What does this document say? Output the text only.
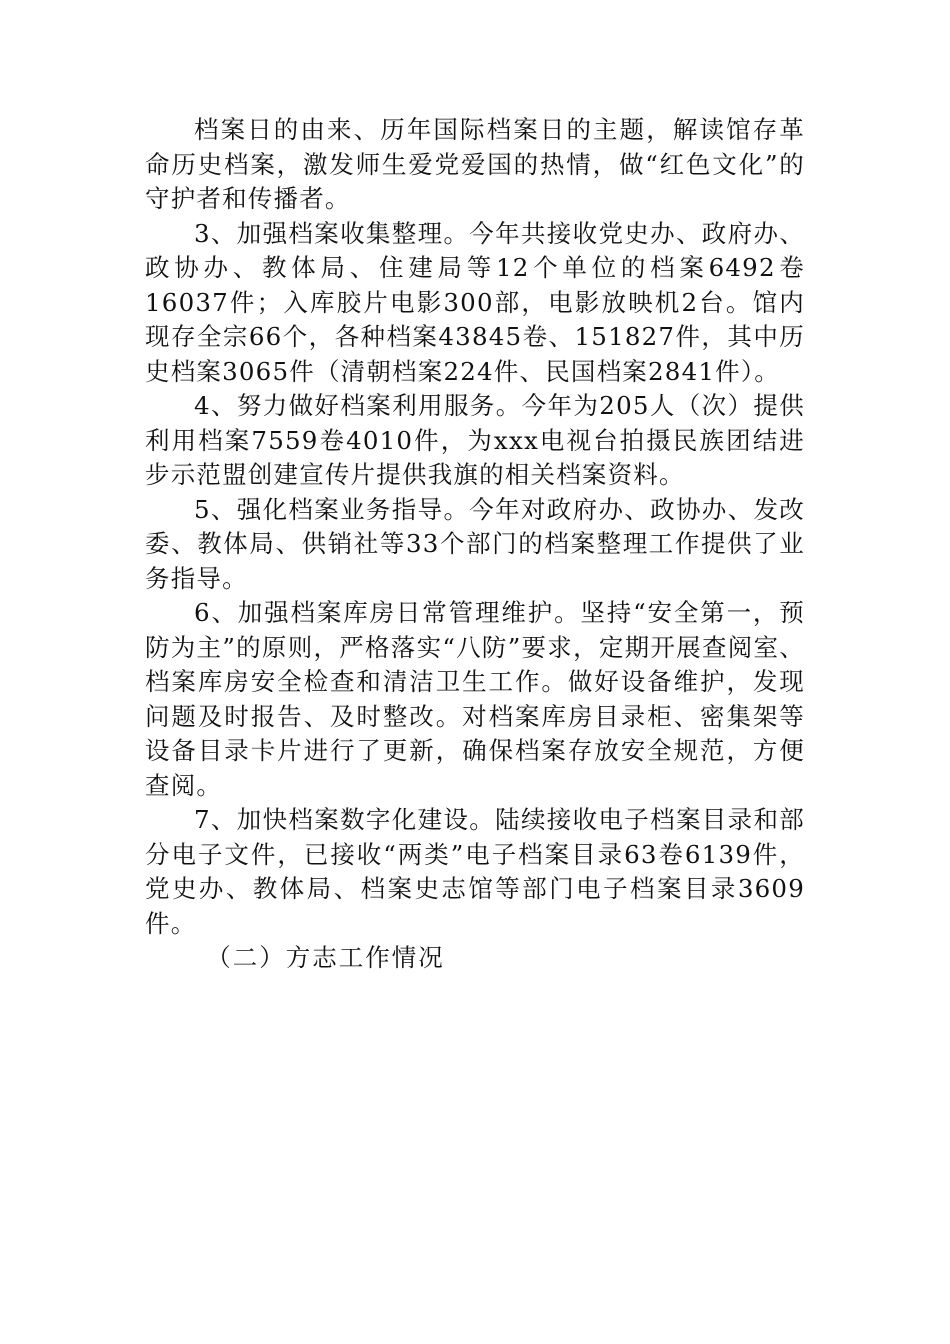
档案日的由来、历年国际档案日的主题，解读馆存革命历史档案，激发师生爱党爱国的热情，做“红色文化”的守护者和传播者。

3、加强档案收集整理。今年共接收党史办、政府办、政协办、教体局、住建局等12个单位的档案6492卷16037件；入库胶片电影300部，电影放映机2台。馆内现存全宗66个，各种档案43845卷、151827件，其中历史档案3065件（清朝档案224件、民国档案2841件）。

4、努力做好档案利用服务。今年为205人（次）提供利用档案7559卷4010件，为xxx电视台拍摄民族团结进步示范盟创建宣传片提供我旗的相关档案资料。

5、强化档案业务指导。今年对政府办、政协办、发改委、教体局、供销社等33个部门的档案整理工作提供了业务指导。

6、加强档案库房日常管理维护。坚持“安全第一，预防为主”的原则，严格落实“八防”要求，定期开展查阅室、档案库房安全检查和清洁卫生工作。做好设备维护，发现问题及时报告、及时整改。对档案库房目录柜、密集架等设备目录卡片进行了更新，确保档案存放安全规范，方便查阅。

7、加快档案数字化建设。陆续接收电子档案目录和部分电子文件，已接收“两类”电子档案目录63卷6139件，党史办、教体局、档案史志馆等部门电子档案目录3609件。

（二）方志工作情况
